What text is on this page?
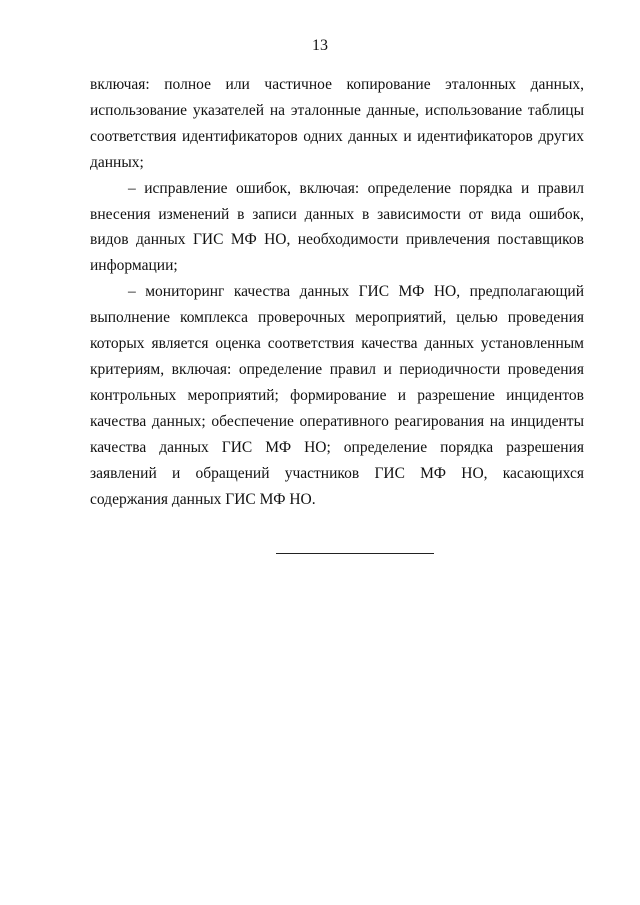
13

включая: полное или частичное копирование эталонных данных, использование указателей на эталонные данные, использование таблицы соответствия идентификаторов одних данных и идентификаторов других данных;

– исправление ошибок, включая: определение порядка и правил внесения изменений в записи данных в зависимости от вида ошибок, видов данных ГИС МФ НО, необходимости привлечения поставщиков информации;

– мониторинг качества данных ГИС МФ НО, предполагающий выполнение комплекса проверочных мероприятий, целью проведения которых является оценка соответствия качества данных установленным критериям, включая: определение правил и периодичности проведения контрольных мероприятий; формирование и разрешение инцидентов качества данных; обеспечение оперативного реагирования на инциденты качества данных ГИС МФ НО; определение порядка разрешения заявлений и обращений участников ГИС МФ НО, касающихся содержания данных ГИС МФ НО.
